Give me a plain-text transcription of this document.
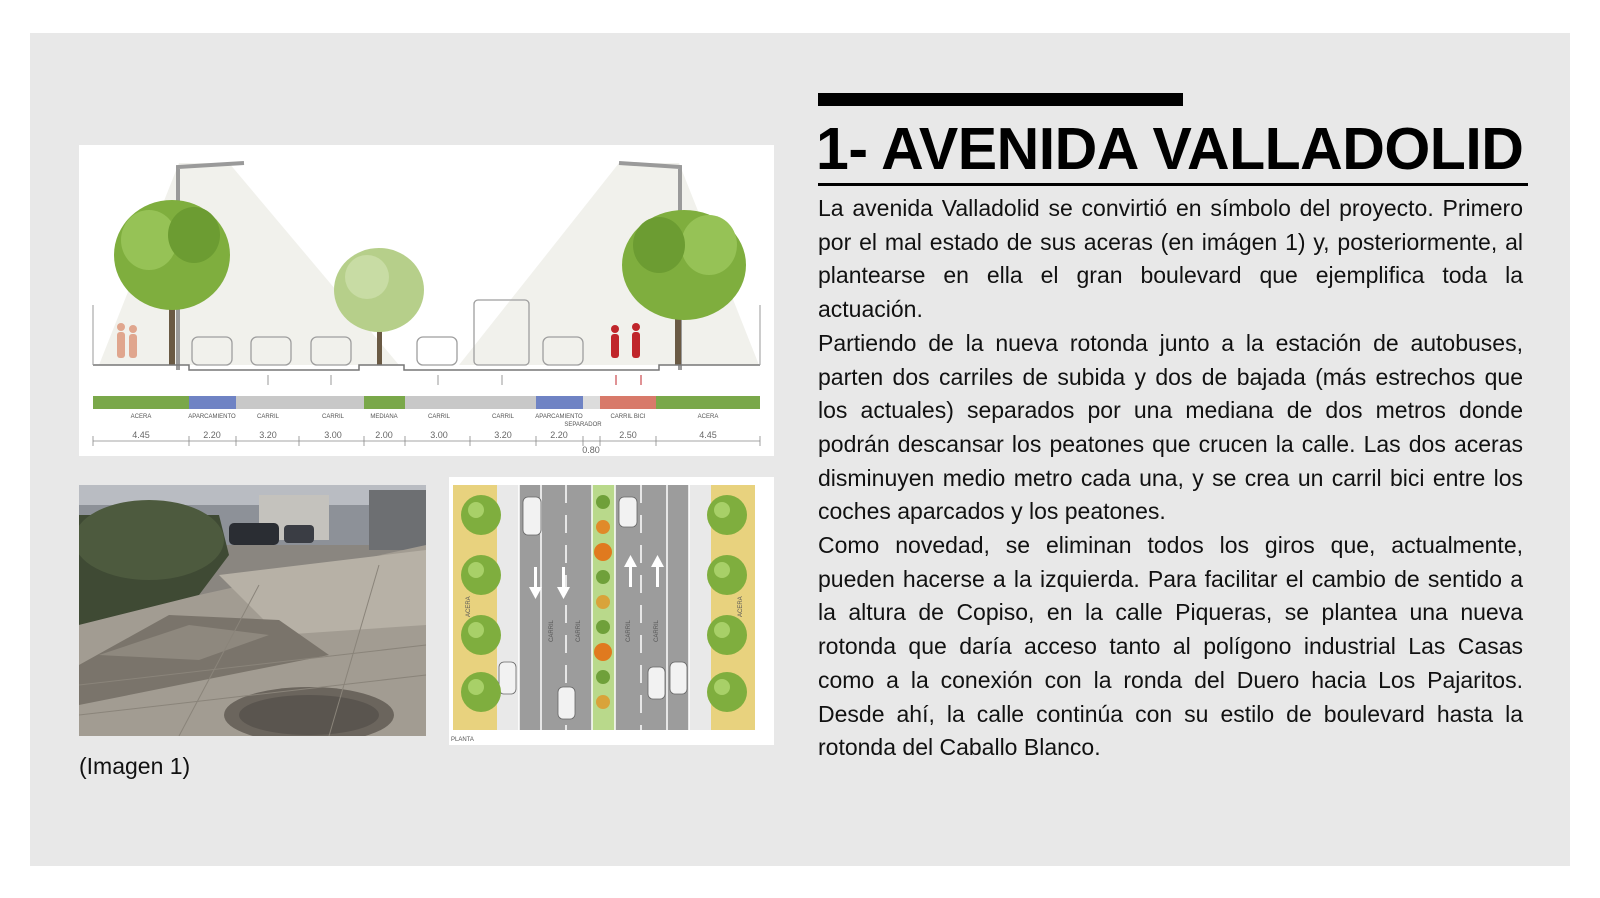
ACERA	APARCAMIENTO	CARRIL	CARRIL	MEDIANA	CARRIL	CARRIL	APARCAMIENTO	CARRIL BICI	ACERA
SEPARADOR
4.45	2.20	3.20	3.00	2.00	3.00	3.20	2.20	2.50	4.45
0.80
ACERA
CARRIL	CARRIL	CARRIL	CARRIL
ACERA
PLANTA
(Imagen 1)
1- AVENIDA VALLADOLID

La avenida Valladolid se convirtió en símbolo del proyecto. Primero por el mal estado de sus aceras (en imágen 1) y, posteriormente, al plantearse en ella el gran boulevard que ejemplifica toda la actuación.

Partiendo de la nueva rotonda junto a la estación de autobuses, parten dos carriles de subida y dos de bajada (más estrechos que los actuales) separados por una mediana de dos metros donde podrán descansar los peatones que crucen la calle. Las dos aceras disminuyen medio metro cada una, y se crea un carril bici entre los coches aparcados y los peatones.

Como novedad, se eliminan todos los giros que, actualmente, pueden hacerse a la izquierda. Para facilitar el cambio de sentido a la altura de Copiso, en la calle Piqueras, se plantea una nueva rotonda que daría acceso tanto al polígono industrial Las Casas como a la conexión con la ronda del Duero hacia Los Pajaritos. Desde ahí, la calle continúa con su estilo de boulevard hasta la rotonda del Caballo Blanco.
